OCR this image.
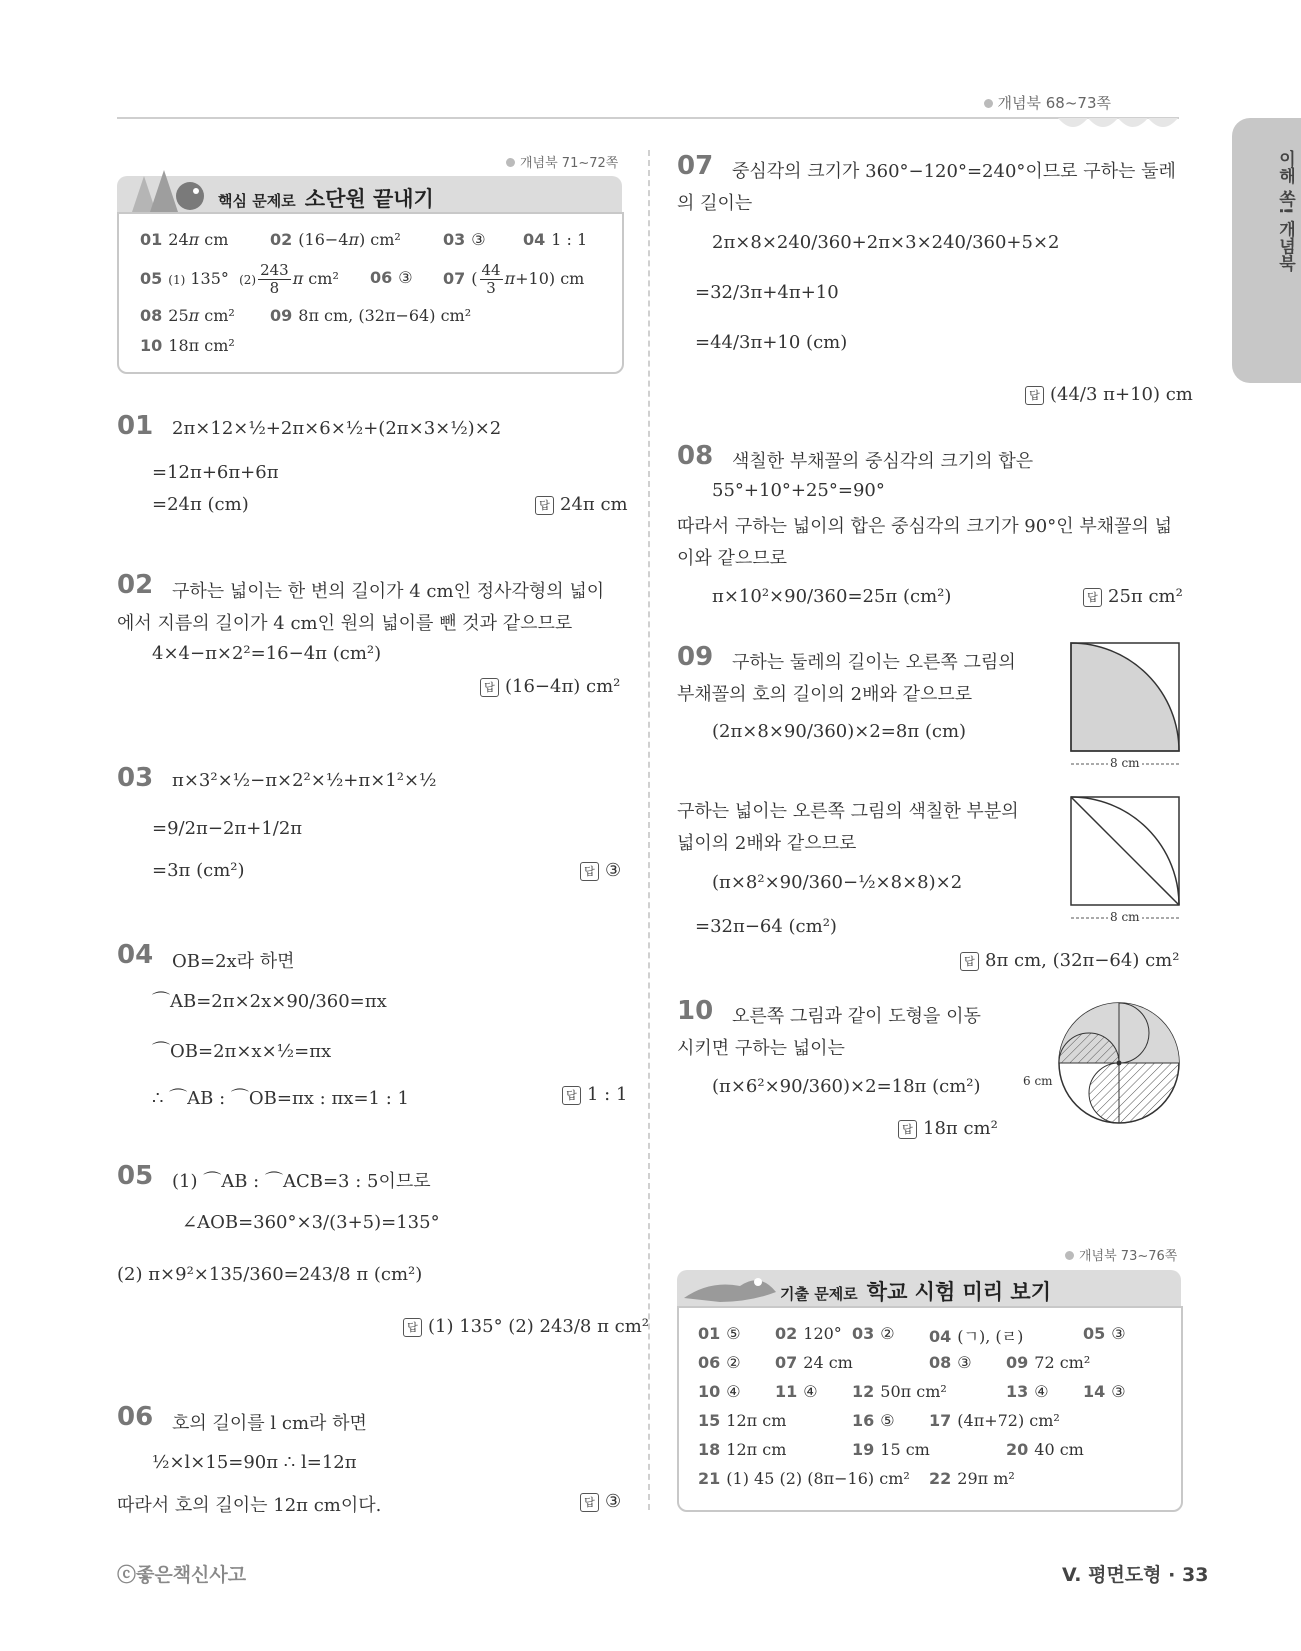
개념북 68~73쪽
이해 쏙! 개념북
개념북 71~72쪽
핵심 문제로 소단원 끝내기
01 24π cm	02 (16−4π) cm²	03 ③ 04 1 : 1
05 (1) 135°  $(2) \frac{243}{8}$ π cm² 06 ③ 07 ( $\frac{44}{3} \pi+10$) cm
08 25π cm² 09 8π cm, (32π−64) cm²
10 18π cm²
01 2π×12×½+2π×6×½+(2π×3×½)×2
=12π+6π+6π
=24π (cm)	답 24π cm
02 구하는 넓이는 한 변의 길이가 4 cm인 정사각형의 넓이
에서 지름의 길이가 4 cm인 원의 넓이를 뺀 것과 같으므로
4×4−π×2²=16−4π (cm²)
답 (16−4π) cm²
03 π×3²×½−π×2²×½+π×1²×½
=9/2π−2π+1/2π
=3π (cm²)	답 ③
04 OB=2x라 하면
⌒AB=2π×2x×90/360=πx
⌒OB=2π×x×½=πx
∴ ⌒AB : ⌒OB=πx : πx=1 : 1	답 1 : 1
05 (1) ⌒AB : ⌒ACB=3 : 5이므로
∠AOB=360°×3/(3+5)=135°
(2) π×9²×135/360=243/8 π (cm²)
답 (1) 135° (2) 243/8 π cm²
06 호의 길이를 l cm라 하면
½×l×15=90π ∴ l=12π
따라서 호의 길이는 12π cm이다.	답 ③
07 중심각의 크기가 360°−120°=240°이므로 구하는 둘레
의 길이는
2π×8×240/360+2π×3×240/360+5×2
=32/3π+4π+10
=44/3π+10 (cm)
답 (44/3 π+10) cm
08 색칠한 부채꼴의 중심각의 크기의 합은
55°+10°+25°=90°
따라서 구하는 넓이의 합은 중심각의 크기가 90°인 부채꼴의 넓
이와 같으므로
π×10²×90/360=25π (cm²)	답 25π cm²
09 구하는 둘레의 길이는 오른쪽 그림의
부채꼴의 호의 길이의 2배와 같으므로
(2π×8×90/360)×2=8π (cm)
구하는 넓이는 오른쪽 그림의 색칠한 부분의
넓이의 2배와 같으므로
(π×8²×90/360−½×8×8)×2
=32π−64 (cm²)
답 8π cm, (32π−64) cm²
8 cm
8 cm
10 오른쪽 그림과 같이 도형을 이동
시키면 구하는 넓이는
(π×6²×90/360)×2=18π (cm²)
답 18π cm²
6 cm
개념북 73~76쪽
기출 문제로 학교 시험 미리 보기
01 ⑤ 02 120° 03 ② 04 (ㄱ), (ㄹ)	05 ③
06 ② 07 24 cm	08 ③ 09 72 cm²
10 ④ 11 ④ 12 50π cm²	13 ④ 14 ③
15 12π cm	16 ⑤ 17 (4π+72) cm²
18 12π cm	19 15 cm	20 40 cm
21 (1) 45 (2) (8π−16) cm² 22 29π m²
ⓒ좋은책신사고	V. 평면도형 · 33
